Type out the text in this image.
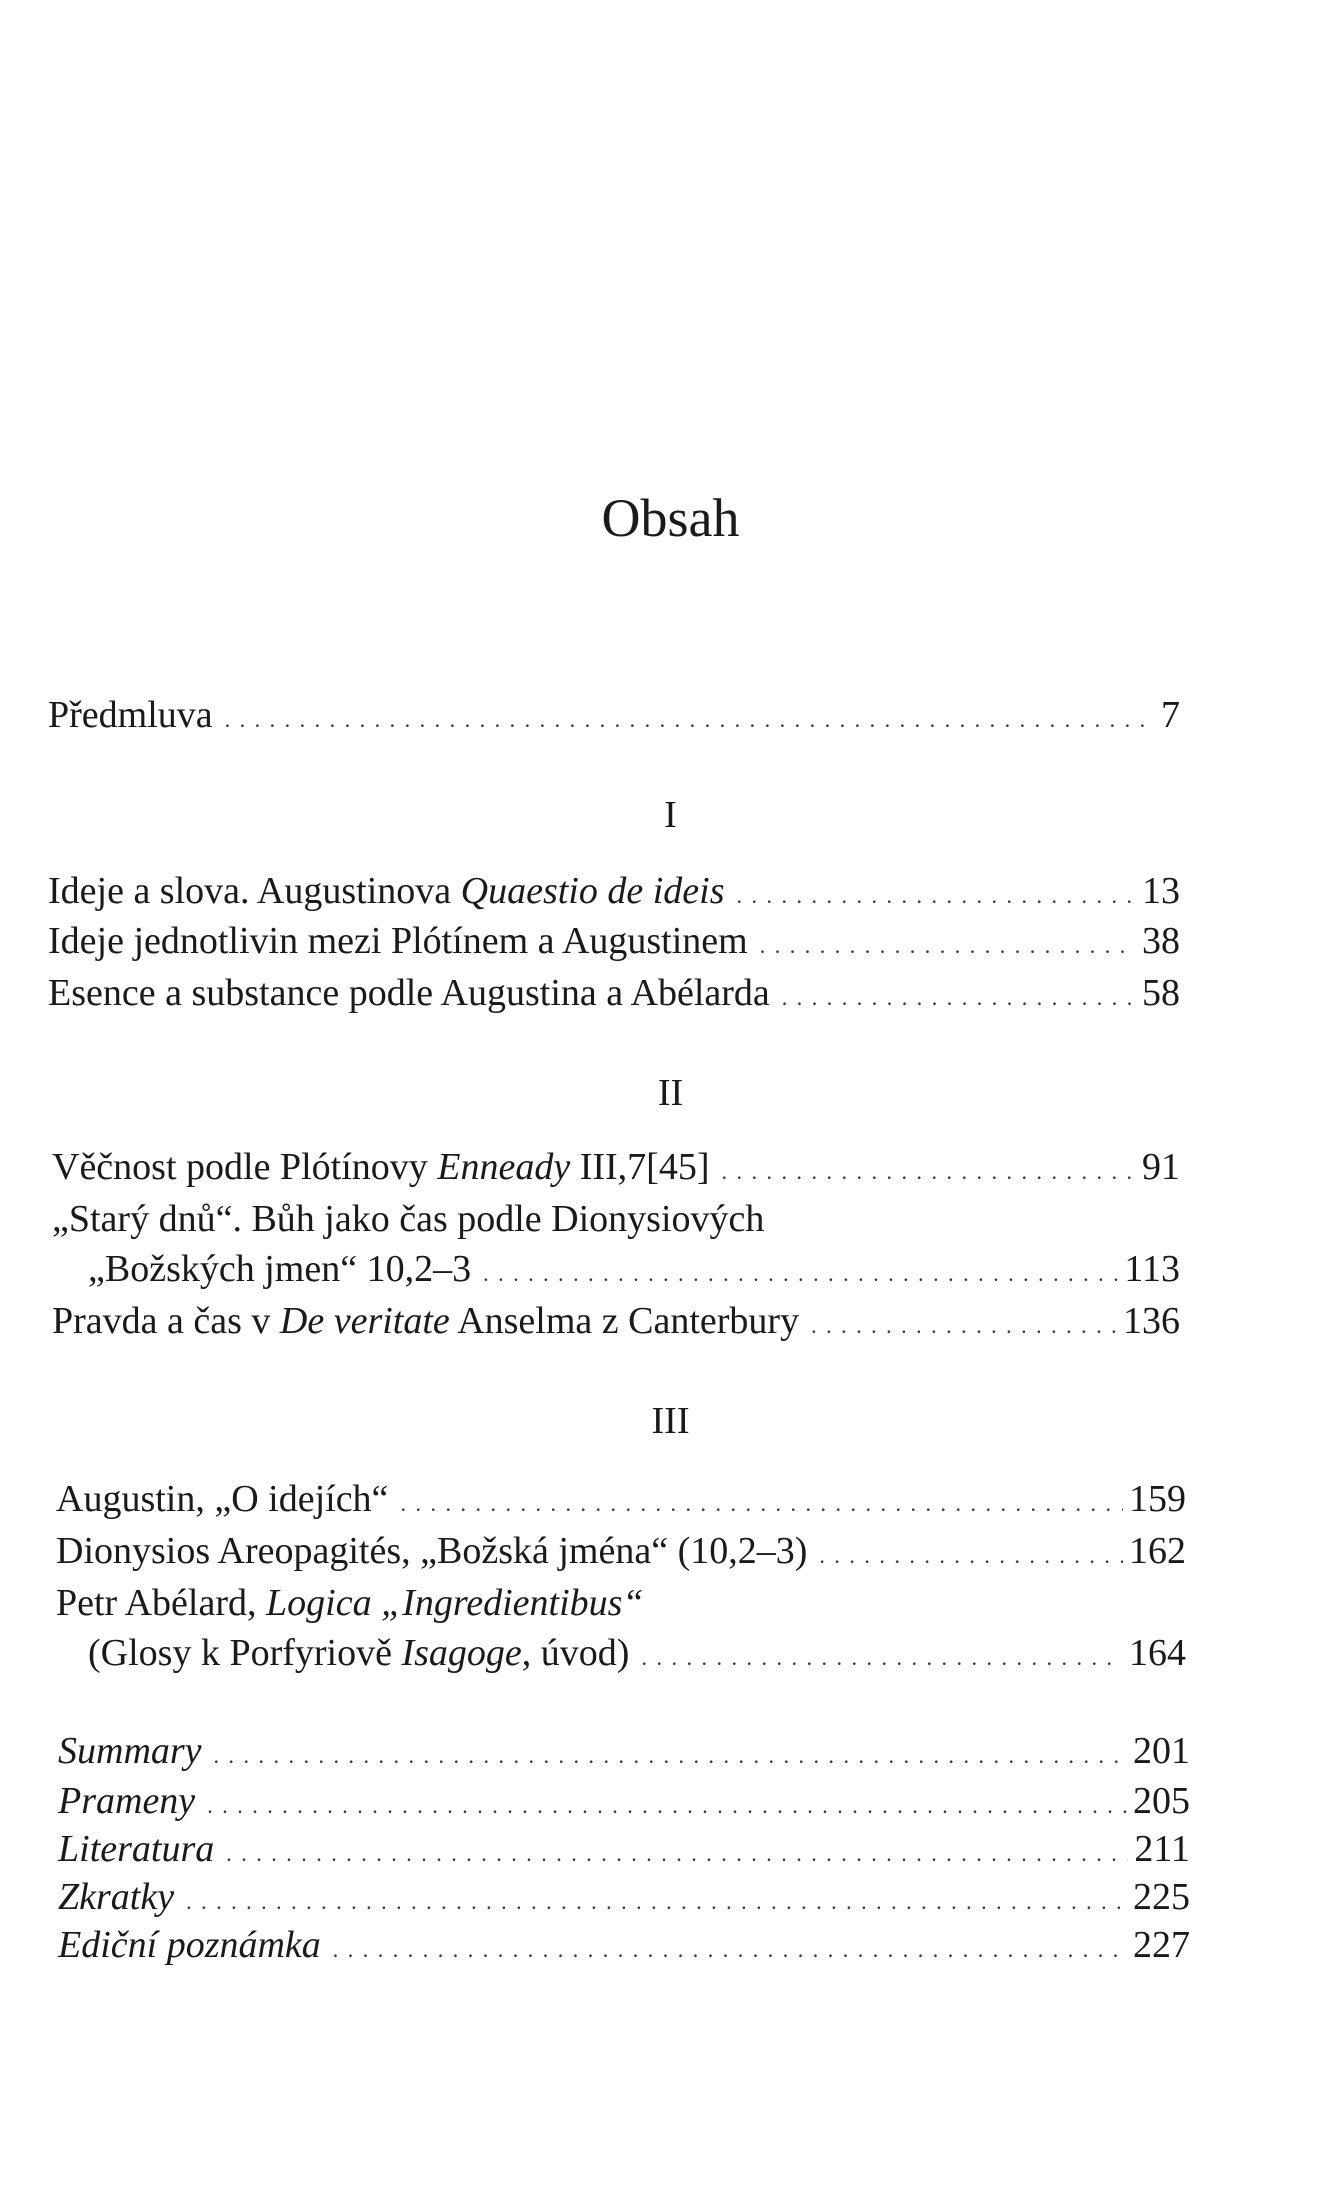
Obsah
Předmluva . . .	7
I
Ideje a slova. Augustinova Quaestio de ideis . . .	13
Ideje jednotlivin mezi Plótínem a Augustinem . . .	38
Esence a substance podle Augustina a Abélarda . . .	58
II
Věčnost podle Plótínovy Enneady III,7[45] . . .	91
„Starý dnů“. Bůh jako čas podle Dionysiových
„Božských jmen“ 10,2–3 . . .	113
Pravda a čas v De veritate Anselma z Canterbury . . .	136
III
Augustin, „O idejích“ . . .	159
Dionysios Areopagités, „Božská jména“ (10,2–3) . . .	162
Petr Abélard, Logica „Ingredientibus“
(Glosy k Porfyriově Isagoge, úvod) . . .	164
Summary . . .	201
Prameny . . .	205
Literatura . . .	211
Zkratky . . .	225
Ediční poznámka . . .	227
